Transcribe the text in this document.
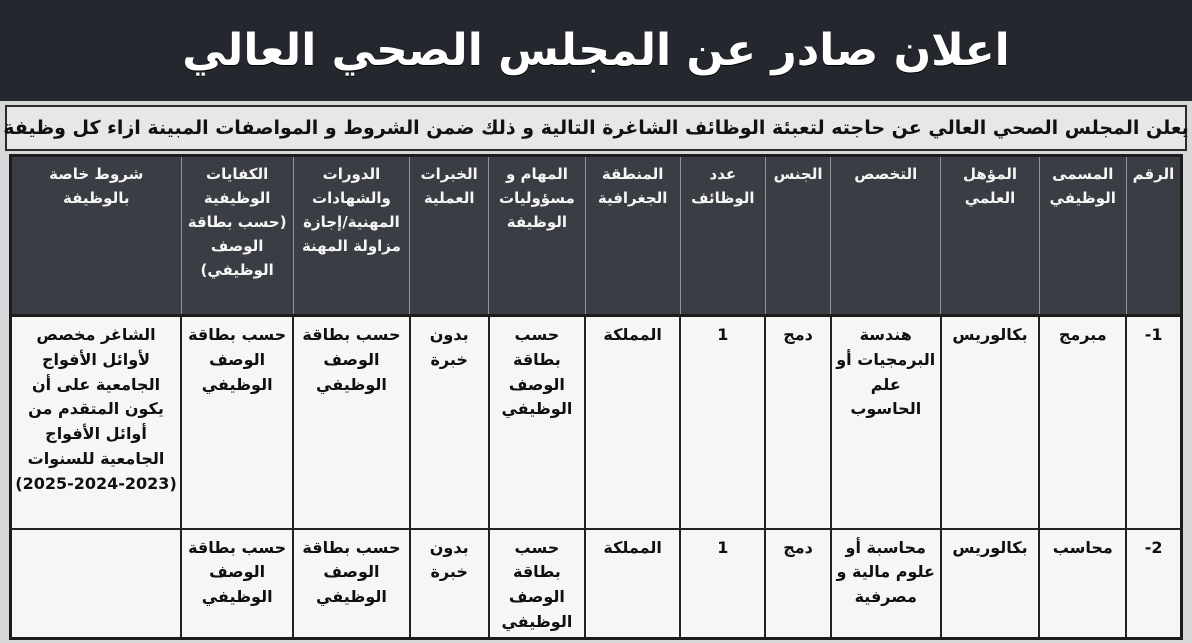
اعلان صادر عن المجلس الصحي العالي
يعلن المجلس الصحي العالي عن حاجته لتعبئة الوظائف الشاغرة التالية و ذلك ضمن الشروط و المواصفات المبينة ازاء كل وظيفة
الرقم	المسمى الوظيفي	المؤهل العلمي	التخصص	الجنس	عدد الوظائف	المنطقة الجغرافية	المهام و مسؤوليات الوظيفة	الخبرات العملية	الدورات والشهادات المهنية/إجازة مزاولة المهنة	الكفايات الوظيفية (حسب بطاقة الوصف الوظيفي)	شروط خاصة بالوظيفة
1-	مبرمج	بكالوريس	هندسة البرمجيات أو علم الحاسوب	دمج	1	المملكة	حسب بطاقة الوصف الوظيفي	بدون خبرة	حسب بطاقة الوصف الوظيفي	حسب بطاقة الوصف الوظيفي	الشاغر مخصص لأوائل الأفواج الجامعية على أن يكون المتقدم من أوائل الأفواج الجامعية للسنوات (2023-2024-2025)
2-	محاسب	بكالوريس	محاسبة أو علوم مالية و مصرفية	دمج	1	المملكة	حسب بطاقة الوصف الوظيفي	بدون خبرة	حسب بطاقة الوصف الوظيفي	حسب بطاقة الوصف الوظيفي	
